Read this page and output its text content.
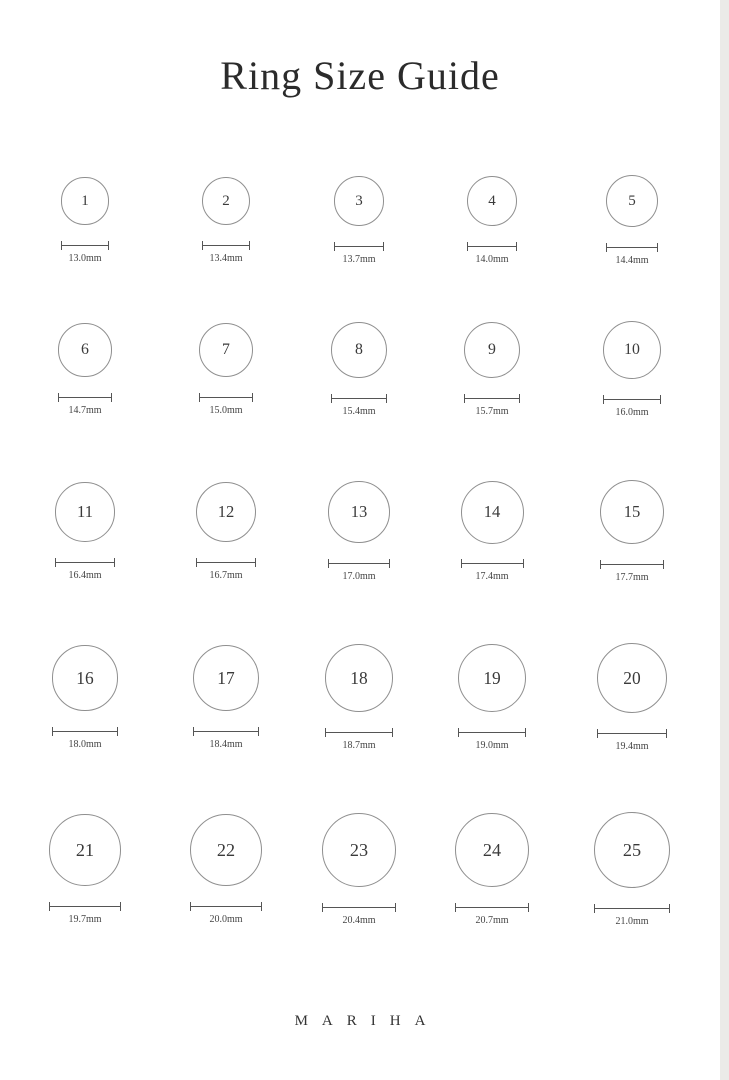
Ring Size Guide
1
13.0mm
2
13.4mm
3
13.7mm
4
14.0mm
5
14.4mm
6
14.7mm
7
15.0mm
8
15.4mm
9
15.7mm
10
16.0mm
11
16.4mm
12
16.7mm
13
17.0mm
14
17.4mm
15
17.7mm
16
18.0mm
17
18.4mm
18
18.7mm
19
19.0mm
20
19.4mm
21
19.7mm
22
20.0mm
23
20.4mm
24
20.7mm
25
21.0mm
MARIHA
